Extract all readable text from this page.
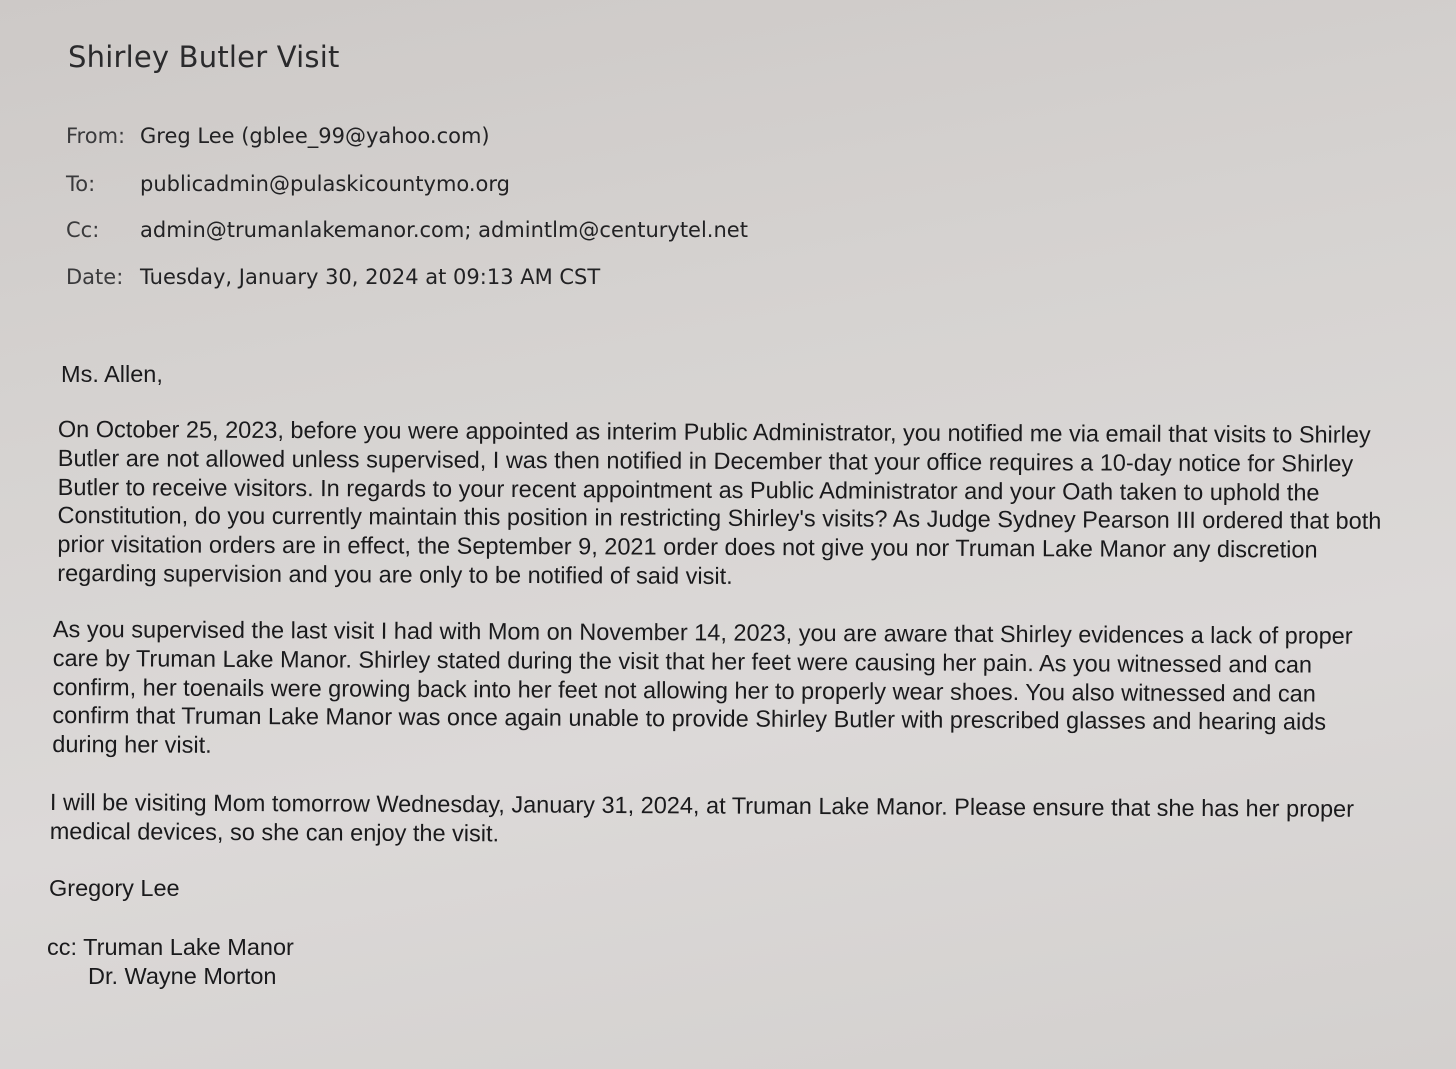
Shirley Butler Visit
From: Greg Lee (gblee_99@yahoo.com)
To: publicadmin@pulaskicountymo.org
Cc: admin@trumanlakemanor.com; admintlm@centurytel.net
Date: Tuesday, January 30, 2024 at 09:13 AM CST
Ms. Allen,
On October 25, 2023, before you were appointed as interim Public Administrator, you notified me via email that visits to Shirley
Butler are not allowed unless supervised, I was then notified in December that your office requires a 10-day notice for Shirley
Butler to receive visitors. In regards to your recent appointment as Public Administrator and your Oath taken to uphold the
Constitution, do you currently maintain this position in restricting Shirley's visits? As Judge Sydney Pearson III ordered that both
prior visitation orders are in effect, the September 9, 2021 order does not give you nor Truman Lake Manor any discretion
regarding supervision and you are only to be notified of said visit.
As you supervised the last visit I had with Mom on November 14, 2023, you are aware that Shirley evidences a lack of proper
care by Truman Lake Manor. Shirley stated during the visit that her feet were causing her pain. As you witnessed and can
confirm, her toenails were growing back into her feet not allowing her to properly wear shoes. You also witnessed and can
confirm that Truman Lake Manor was once again unable to provide Shirley Butler with prescribed glasses and hearing aids
during her visit.
I will be visiting Mom tomorrow Wednesday, January 31, 2024, at Truman Lake Manor. Please ensure that she has her proper
medical devices, so she can enjoy the visit.
Gregory Lee
cc: Truman Lake Manor
Dr. Wayne Morton
